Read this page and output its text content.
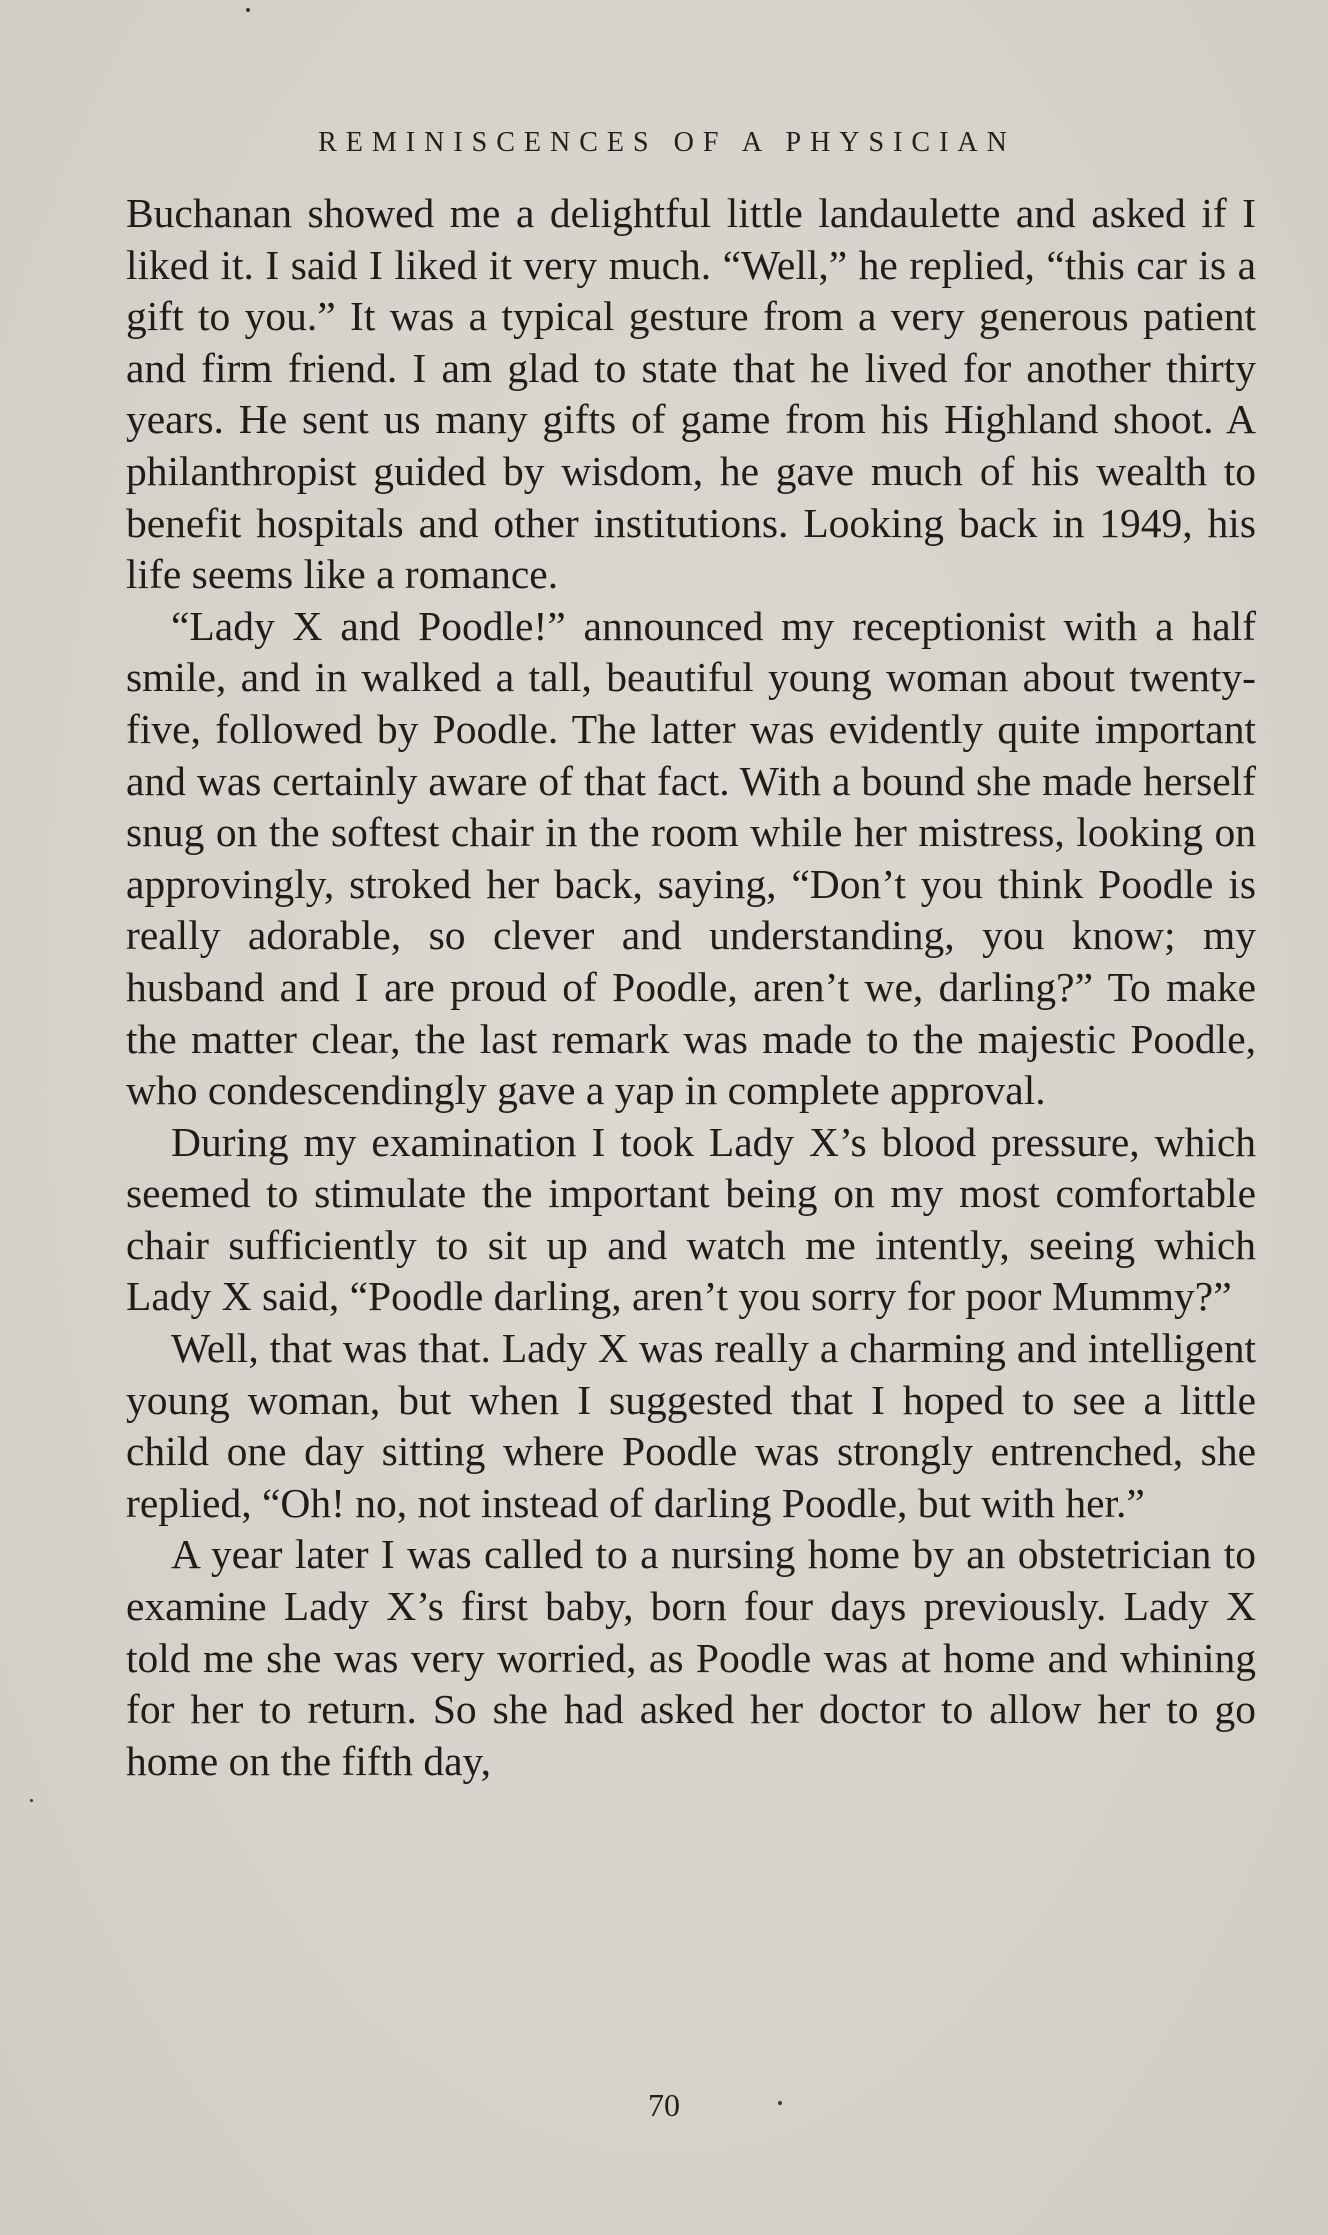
REMINISCENCES OF A PHYSICIAN

Buchanan showed me a delightful little landaulette and asked if I liked it. I said I liked it very much. “Well,” he replied, “this car is a gift to you.” It was a typical gesture from a very generous patient and firm friend. I am glad to state that he lived for another thirty years. He sent us many gifts of game from his Highland shoot. A philanthropist guided by wisdom, he gave much of his wealth to benefit hospitals and other institutions. Looking back in 1949, his life seems like a romance.

“Lady X and Poodle!” announced my receptionist with a half smile, and in walked a tall, beautiful young woman about twenty-five, followed by Poodle. The latter was evidently quite important and was certainly aware of that fact. With a bound she made herself snug on the softest chair in the room while her mistress, looking on approvingly, stroked her back, saying, “Don’t you think Poodle is really adorable, so clever and understanding, you know; my husband and I are proud of Poodle, aren’t we, darling?” To make the matter clear, the last remark was made to the majestic Poodle, who condescendingly gave a yap in complete approval.

During my examination I took Lady X’s blood pressure, which seemed to stimulate the important being on my most comfortable chair sufficiently to sit up and watch me intently, seeing which Lady X said, “Poodle darling, aren’t you sorry for poor Mummy?”

Well, that was that. Lady X was really a charming and intelligent young woman, but when I suggested that I hoped to see a little child one day sitting where Poodle was strongly entrenched, she replied, “Oh! no, not instead of darling Poodle, but with her.”

A year later I was called to a nursing home by an obstetrician to examine Lady X’s first baby, born four days previously. Lady X told me she was very worried, as Poodle was at home and whining for her to return. So she had asked her doctor to allow her to go home on the fifth day,

70
